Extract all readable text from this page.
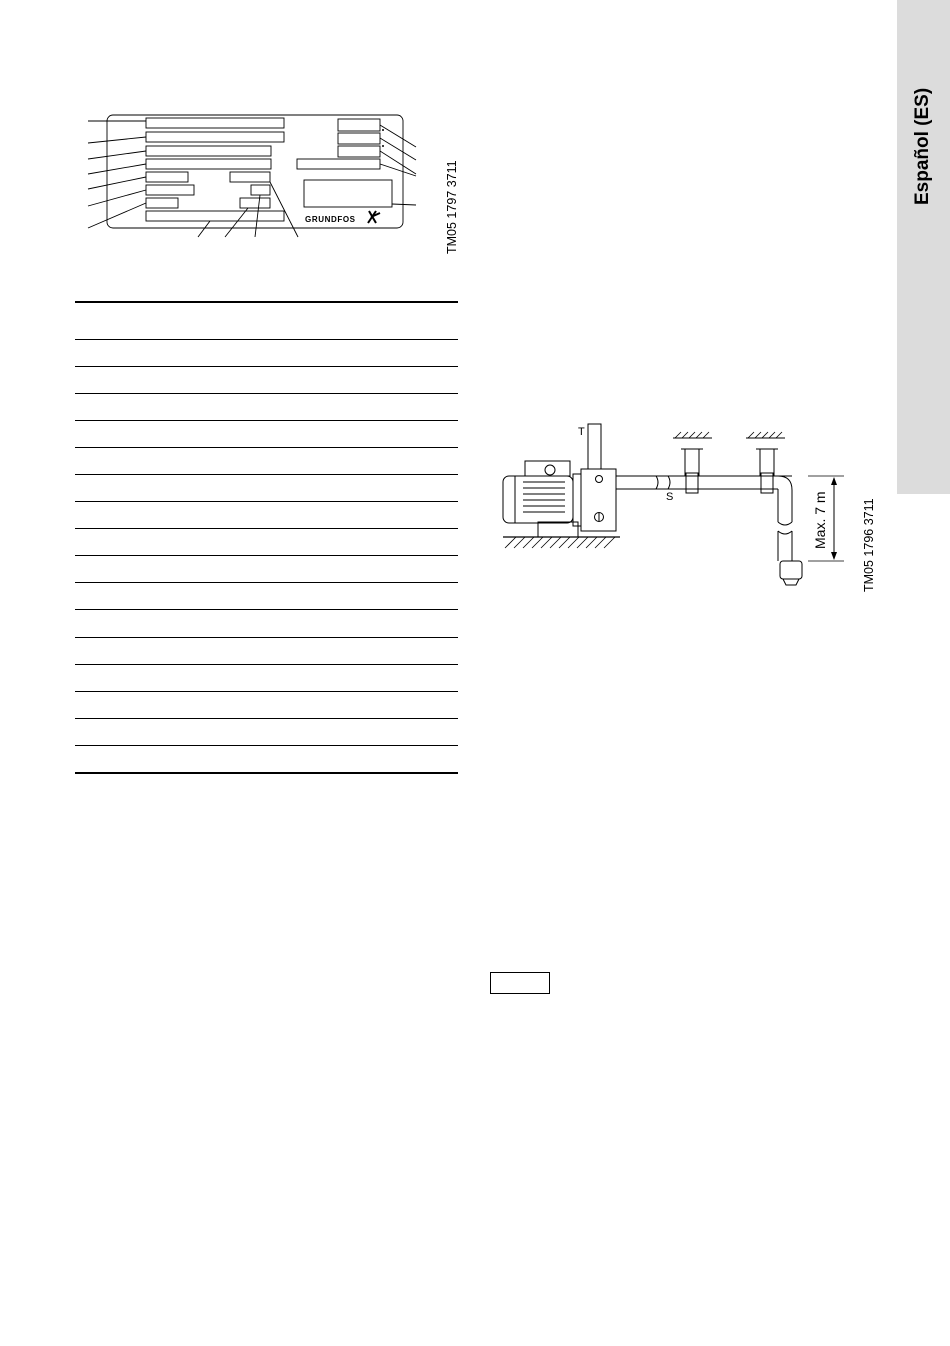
Español (ES)
GRUNDFOS	TM05 1797 3711
T
S	Max. 7 m	TM05 1796 3711
